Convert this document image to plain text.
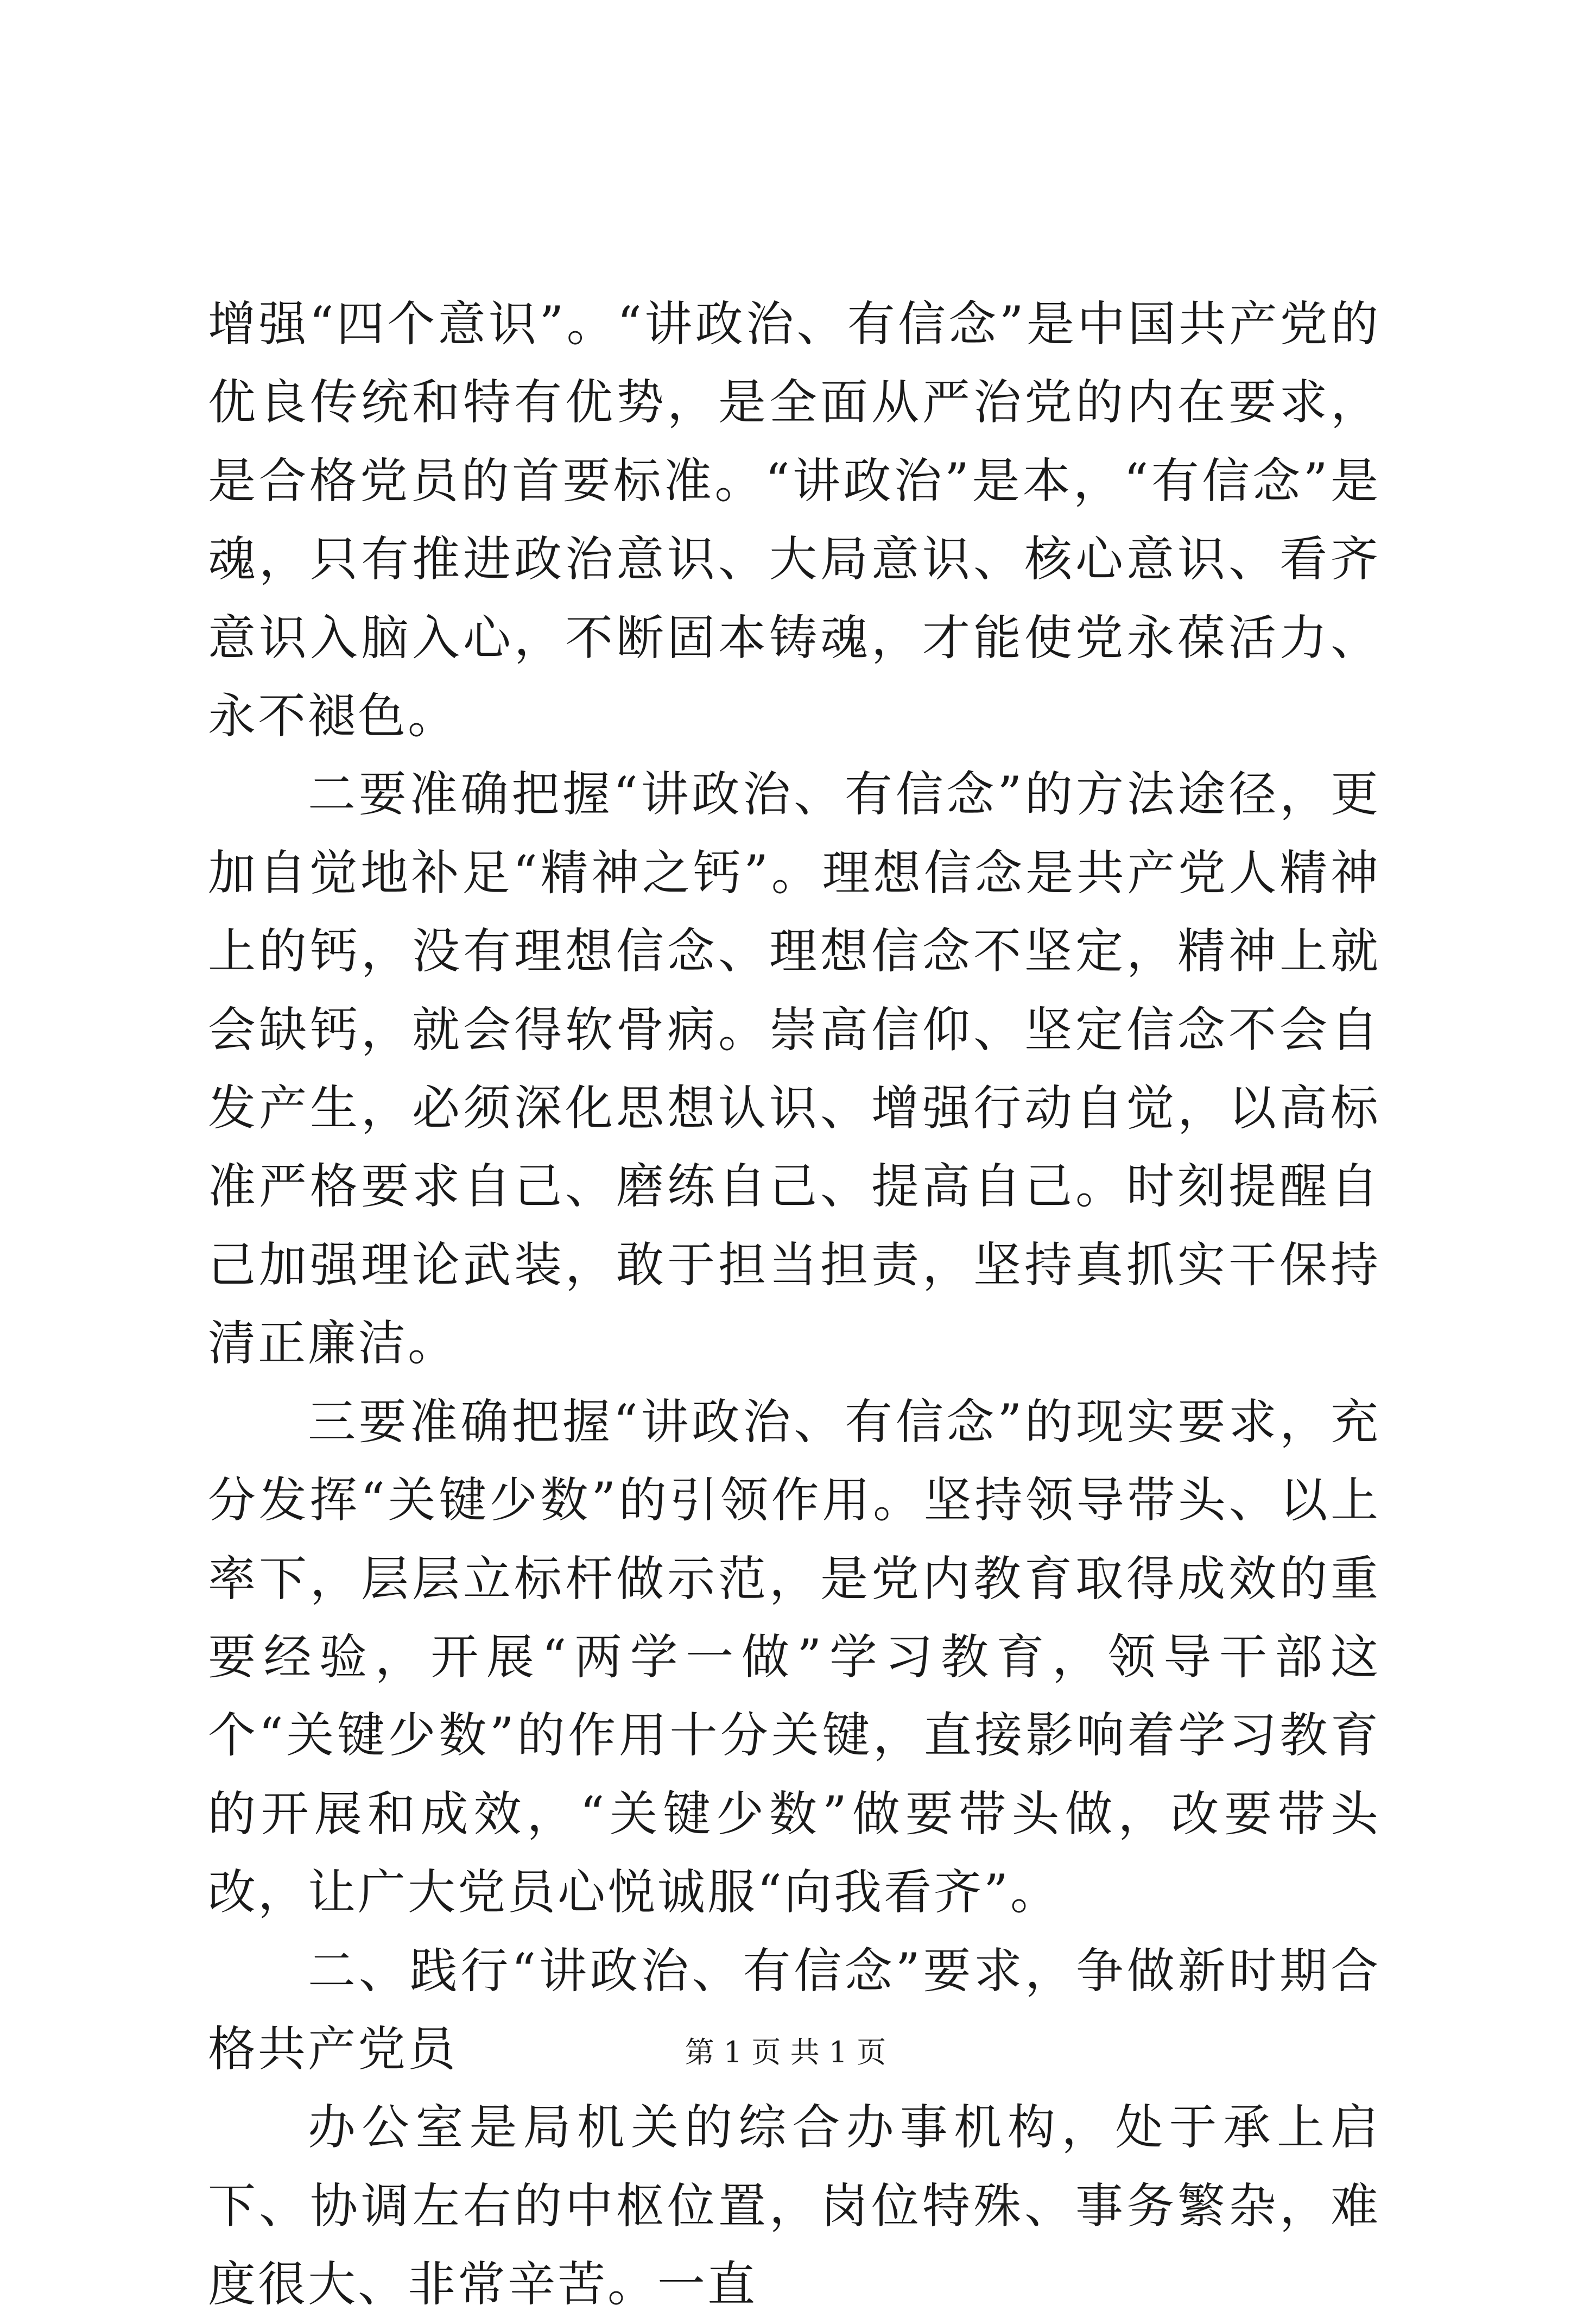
增强“四个意识”。“讲政治、有信念”是中国共产党的优良传统和特有优势，是全面从严治党的内在要求，是合格党员的首要标准。“讲政治”是本，“有信念”是魂，只有推进政治意识、大局意识、核心意识、看齐意识入脑入心，不断固本铸魂，才能使党永葆活力、永不褪色。

二要准确把握“讲政治、有信念”的方法途径，更加自觉地补足“精神之钙”。理想信念是共产党人精神上的钙，没有理想信念、理想信念不坚定，精神上就会缺钙，就会得软骨病。崇高信仰、坚定信念不会自发产生，必须深化思想认识、增强行动自觉，以高标准严格要求自己、磨练自己、提高自己。时刻提醒自己加强理论武装，敢于担当担责，坚持真抓实干保持清正廉洁。

三要准确把握“讲政治、有信念”的现实要求，充分发挥“关键少数”的引领作用。坚持领导带头、以上率下，层层立标杆做示范，是党内教育取得成效的重要经验，开展“两学一做”学习教育，领导干部这个“关键少数”的作用十分关键，直接影响着学习教育的开展和成效，“关键少数”做要带头做，改要带头改，让广大党员心悦诚服“向我看齐”。

二、践行“讲政治、有信念”要求，争做新时期合格共产党员

办公室是局机关的综合办事机构，处于承上启下、协调左右的中枢位置，岗位特殊、事务繁杂，难度很大、非常辛苦。一直

第 1 页 共 1 页
